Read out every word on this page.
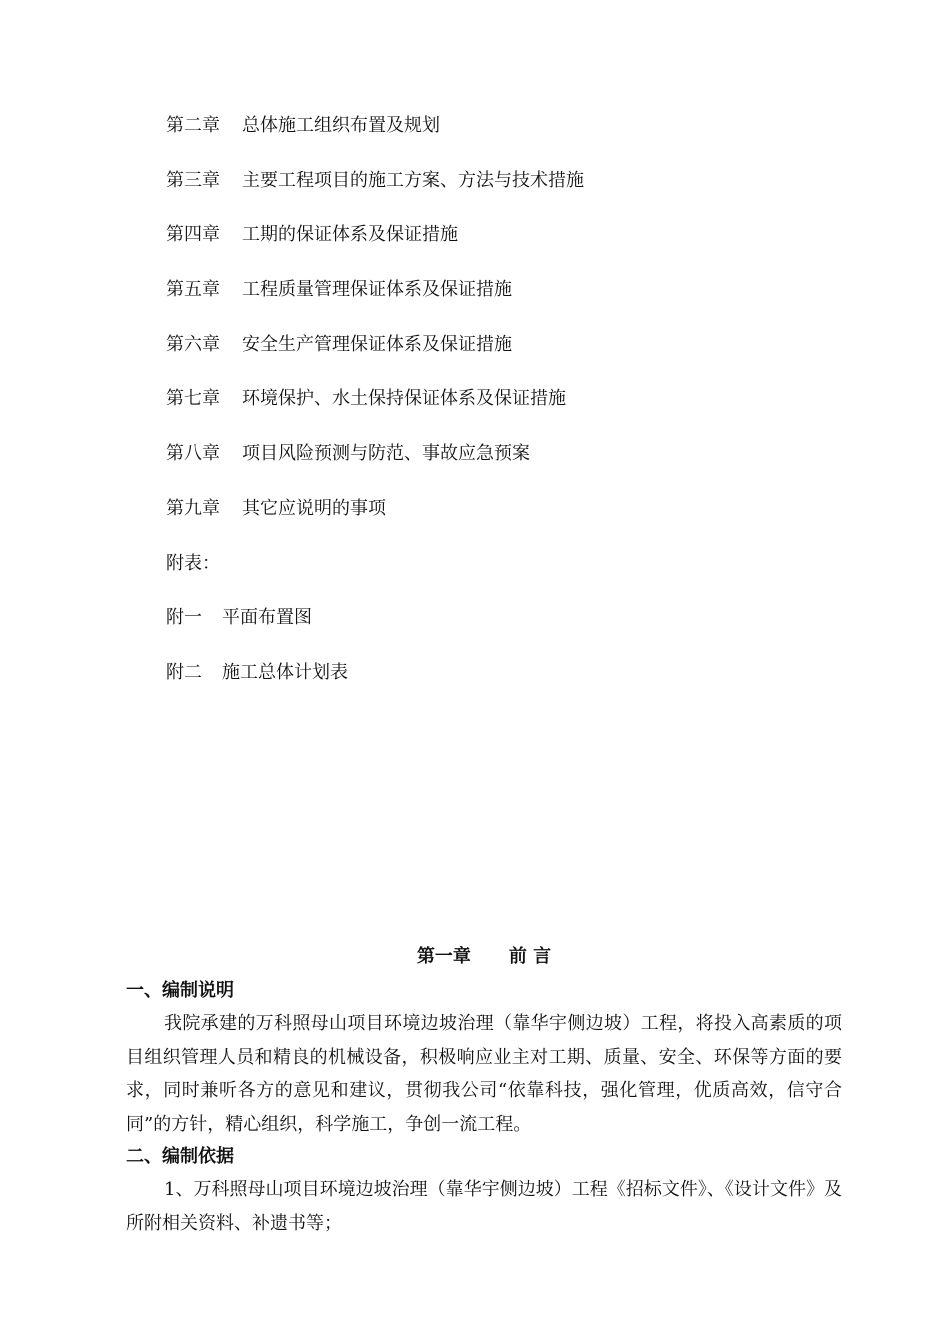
第二章 总体施工组织布置及规划
第三章 主要工程项目的施工方案、方法与技术措施
第四章 工期的保证体系及保证措施
第五章 工程质量管理保证体系及保证措施
第六章 安全生产管理保证体系及保证措施
第七章 环境保护、水土保持保证体系及保证措施
第八章 项目风险预测与防范、事故应急预案
第九章 其它应说明的事项
附表：
附一 平面布置图
附二 施工总体计划表
第一章 前 言
一、编制说明

我院承建的万科照母山项目环境边坡治理（靠华宇侧边坡）工程，将投入高素质的项目组织管理人员和精良的机械设备，积极响应业主对工期、质量、安全、环保等方面的要求，同时兼听各方的意见和建议，贯彻我公司“依靠科技，强化管理，优质高效，信守合同”的方针，精心组织，科学施工，争创一流工程。

二、编制依据

1、万科照母山项目环境边坡治理（靠华宇侧边坡）工程《招标文件》、《设计文件》及所附相关资料、补遗书等；
